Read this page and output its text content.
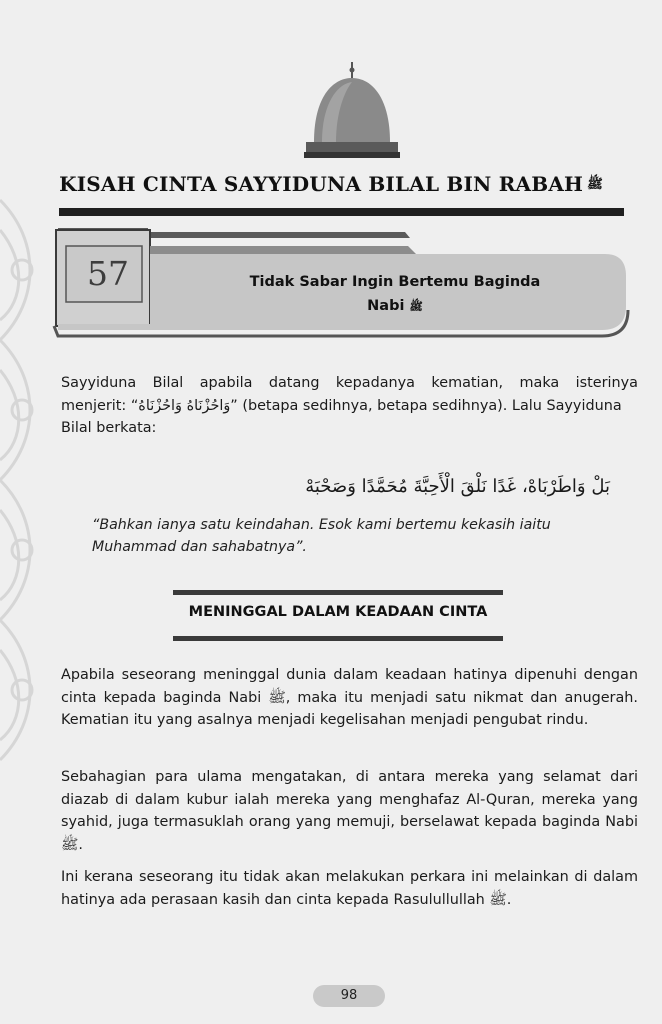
KISAH CINTA SAYYIDUNA BILAL BIN RABAH ﷺ
57	Tidak Sabar Ingin Bertemu Baginda
Nabi ﷺ
Sayyiduna Bilal apabila datang kepadanya kematian, maka isterinya
menjerit: “وَاحُزْنَاهُ وَاحُزْنَاهُ” (betapa sedihnya, betapa sedihnya). Lalu Sayyiduna
Bilal berkata:
بَلْ وَاطَرْبَاهْ، غَدًا نَلْقَ الْأَحِبَّةَ مُحَمَّدًا وَصَحْبَهْ
“Bahkan ianya satu keindahan. Esok kami bertemu kekasih iaitu Muhammad dan sahabatnya”.
MENINGGAL DALAM KEADAAN CINTA
Apabila seseorang meninggal dunia dalam keadaan hatinya dipenuhi dengan cinta kepada baginda Nabi ﷺ, maka itu menjadi satu nikmat dan anugerah. Kematian itu yang asalnya menjadi kegelisahan menjadi pengubat rindu.
Sebahagian para ulama mengatakan, di antara mereka yang selamat dari diazab di dalam kubur ialah mereka yang menghafaz Al-Quran, mereka yang syahid, juga termasuklah orang yang memuji, berselawat kepada baginda Nabi ﷺ.
Ini kerana seseorang itu tidak akan melakukan perkara ini melainkan di dalam hatinya ada perasaan kasih dan cinta kepada Rasulullullah ﷺ.
98
